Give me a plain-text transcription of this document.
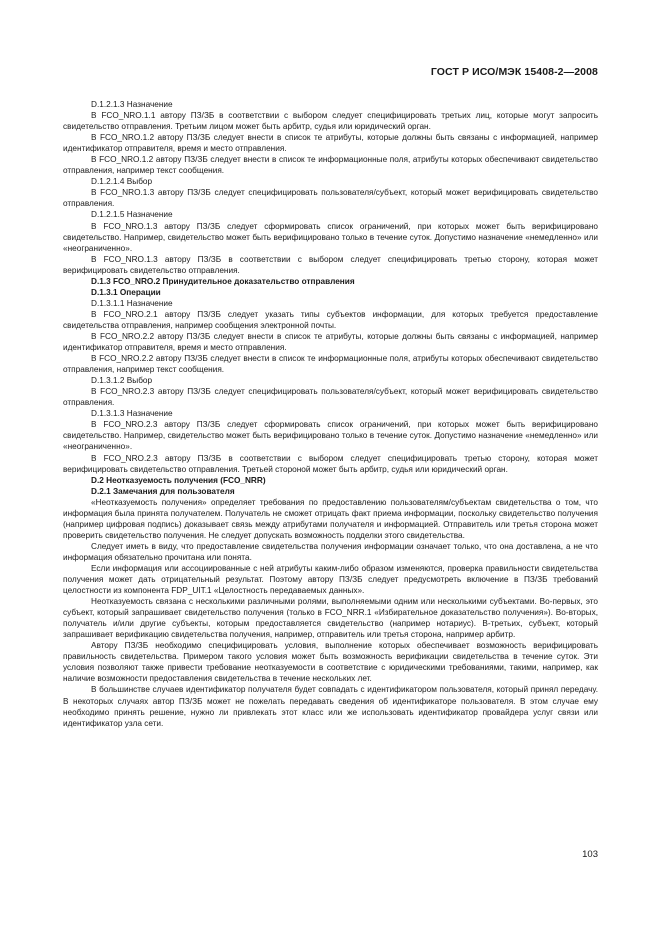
ГОСТ Р ИСО/МЭК 15408-2—2008

D.1.2.1.3 Назначение

В FCO_NRO.1.1 автору ПЗ/ЗБ в соответствии с выбором следует специфицировать третьих лиц, которые могут запросить свидетельство отправления. Третьим лицом может быть арбитр, судья или юридический орган.

В FCO_NRO.1.2 автору ПЗ/ЗБ следует внести в список те атрибуты, которые должны быть связаны с информацией, например идентификатор отправителя, время и место отправления.

В FCO_NRO.1.2 автору ПЗ/ЗБ следует внести в список те информационные поля, атрибуты которых обеспечивают свидетельство отправления, например текст сообщения.

D.1.2.1.4 Выбор

В FCO_NRO.1.3 автору ПЗ/ЗБ следует специфицировать пользователя/субъект, который может верифицировать свидетельство отправления.

D.1.2.1.5 Назначение

В FCO_NRO.1.3 автору ПЗ/ЗБ следует сформировать список ограничений, при которых может быть верифицировано свидетельство. Например, свидетельство может быть верифицировано только в течение суток. Допустимо назначение «немедленно» или «неограниченно».

В FCO_NRO.1.3 автору ПЗ/ЗБ в соответствии с выбором следует специфицировать третью сторону, которая может верифицировать свидетельство отправления.

D.1.3 FCO_NRO.2 Принудительное доказательство отправления

D.1.3.1 Операции

D.1.3.1.1 Назначение

В FCO_NRO.2.1 автору ПЗ/ЗБ следует указать типы субъектов информации, для которых требуется предоставление свидетельства отправления, например сообщения электронной почты.

В FCO_NRO.2.2 автору ПЗ/ЗБ следует внести в список те атрибуты, которые должны быть связаны с информацией, например идентификатор отправителя, время и место отправления.

В FCO_NRO.2.2 автору ПЗ/ЗБ следует внести в список те информационные поля, атрибуты которых обеспечивают свидетельство отправления, например текст сообщения.

D.1.3.1.2 Выбор

В FCO_NRO.2.3 автору ПЗ/ЗБ следует специфицировать пользователя/субъект, который может верифицировать свидетельство отправления.

D.1.3.1.3 Назначение

В FCO_NRO.2.3 автору ПЗ/ЗБ следует сформировать список ограничений, при которых может быть верифицировано свидетельство. Например, свидетельство может быть верифицировано только в течение суток. Допустимо назначение «немедленно» или «неограниченно».

В FCO_NRO.2.3 автору ПЗ/ЗБ в соответствии с выбором следует специфицировать третью сторону, которая может верифицировать свидетельство отправления. Третьей стороной может быть арбитр, судья или юридический орган.

D.2 Неотказуемость получения (FCO_NRR)

D.2.1 Замечания для пользователя

«Неотказуемость получения» определяет требования по предоставлению пользователям/субъектам свидетельства о том, что информация была принята получателем. Получатель не сможет отрицать факт приема информации, поскольку свидетельство получения (например цифровая подпись) доказывает связь между атрибутами получателя и информацией. Отправитель или третья сторона может проверить свидетельство получения. Не следует допускать возможность подделки этого свидетельства.

Следует иметь в виду, что предоставление свидетельства получения информации означает только, что она доставлена, а не что информация обязательно прочитана или понята.

Если информация или ассоциированные с ней атрибуты каким-либо образом изменяются, проверка правильности свидетельства получения может дать отрицательный результат. Поэтому автору ПЗ/ЗБ следует предусмотреть включение в ПЗ/ЗБ требований целостности из компонента FDP_UIT.1 «Целостность передаваемых данных».

Неотказуемость связана с несколькими различными ролями, выполняемыми одним или несколькими субъектами. Во-первых, это субъект, который запрашивает свидетельство получения (только в FCO_NRR.1 «Избирательное доказательство получения»). Во-вторых, получатель и/или другие субъекты, которым предоставляется свидетельство (например нотариус). В-третьих, субъект, который запрашивает верификацию свидетельства получения, например, отправитель или третья сторона, например арбитр.

Автору ПЗ/ЗБ необходимо специфицировать условия, выполнение которых обеспечивает возможность верифицировать правильность свидетельства. Примером такого условия может быть возможность верификации свидетельства в течение суток. Эти условия позволяют также привести требование неотказуемости в соответствие с юридическими требованиями, такими, например, как наличие возможности предоставления свидетельства в течение нескольких лет.

В большинстве случаев идентификатор получателя будет совпадать с идентификатором пользователя, который принял передачу. В некоторых случаях автор ПЗ/ЗБ может не пожелать передавать сведения об идентификаторе пользователя. В этом случае ему необходимо принять решение, нужно ли привлекать этот класс или же использовать идентификатор провайдера услуг связи или идентификатор узла сети.

103
